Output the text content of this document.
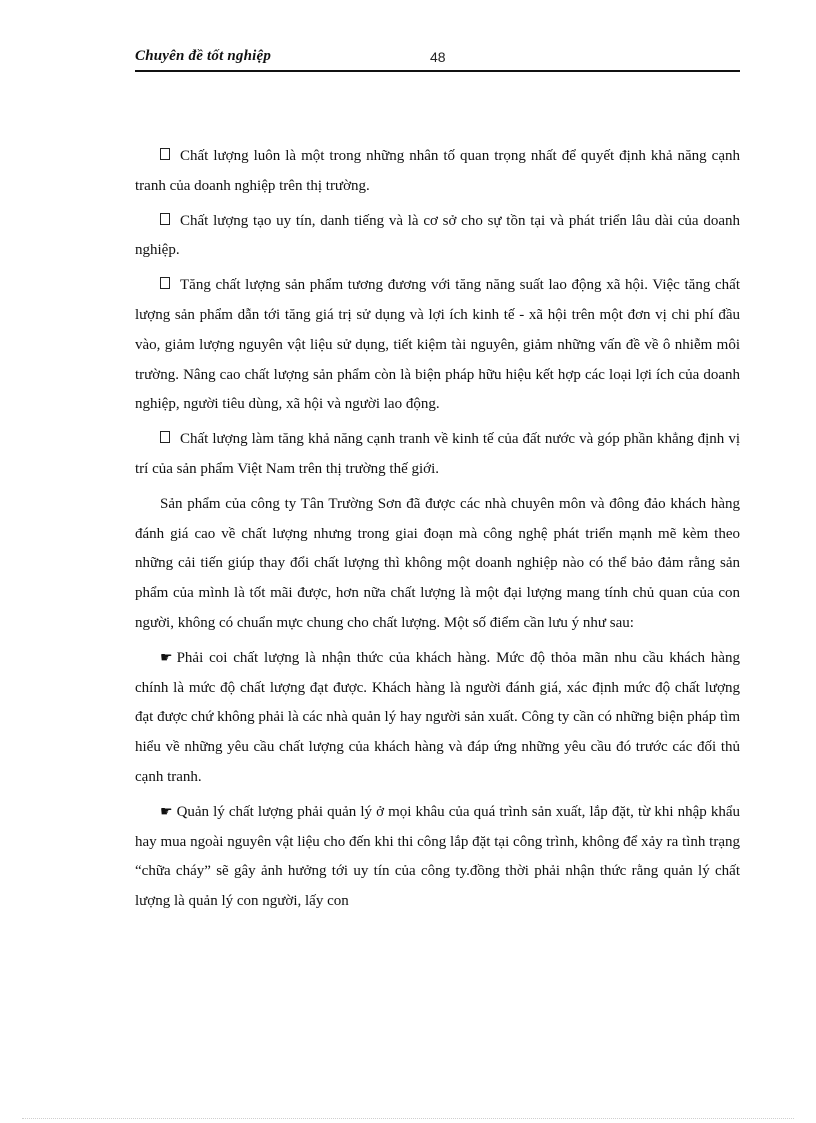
Chuyên đề tốt nghiệp	48

Chất lượng luôn là một trong những nhân tố quan trọng nhất để quyết định khả năng cạnh tranh của doanh nghiệp trên thị trường.

Chất lượng tạo uy tín, danh tiếng và là cơ sở cho sự tồn tại và phát triển lâu dài của doanh nghiệp.

Tăng chất lượng sản phẩm tương đương với tăng năng suất lao động xã hội. Việc tăng chất lượng sản phẩm dẫn tới tăng giá trị sử dụng và lợi ích kinh tế - xã hội trên một đơn vị chi phí đầu vào, giảm lượng nguyên vật liệu sử dụng, tiết kiệm tài nguyên, giảm những vấn đề về ô nhiễm môi trường. Nâng cao chất lượng sản phẩm còn là biện pháp hữu hiệu kết hợp các loại lợi ích của doanh nghiệp, người tiêu dùng, xã hội và người lao động.

Chất lượng làm tăng khả năng cạnh tranh về kinh tế của đất nước và góp phần khẳng định vị trí của sản phẩm Việt Nam trên thị trường thế giới.

Sản phẩm của công ty Tân Trường Sơn đã được các nhà chuyên môn và đông đảo khách hàng đánh giá cao về chất lượng nhưng trong giai đoạn mà công nghệ phát triển mạnh mẽ kèm theo những cải tiến giúp thay đổi chất lượng thì không một doanh nghiệp nào có thể bảo đảm rằng sản phẩm của mình là tốt mãi được, hơn nữa chất lượng là một đại lượng mang tính chủ quan của con người, không có chuẩn mực chung cho chất lượng. Một số điểm cần lưu ý như sau:

☛ Phải coi chất lượng là nhận thức của khách hàng. Mức độ thỏa mãn nhu cầu khách hàng chính là mức độ chất lượng đạt được. Khách hàng là người đánh giá, xác định mức độ chất lượng đạt được chứ không phải là các nhà quản lý hay người sản xuất. Công ty cần có những biện pháp tìm hiểu về những yêu cầu chất lượng của khách hàng và đáp ứng những yêu cầu đó trước các đối thủ cạnh tranh.

☛ Quản lý chất lượng phải quản lý ở mọi khâu của quá trình sản xuất, lắp đặt, từ khi nhập khẩu hay mua ngoài nguyên vật liệu cho đến khi thi công lắp đặt tại công trình, không để xảy ra tình trạng “chữa cháy” sẽ gây ảnh hưởng tới uy tín của công ty.đồng thời phải nhận thức rằng quản lý chất lượng là quản lý con người, lấy con
